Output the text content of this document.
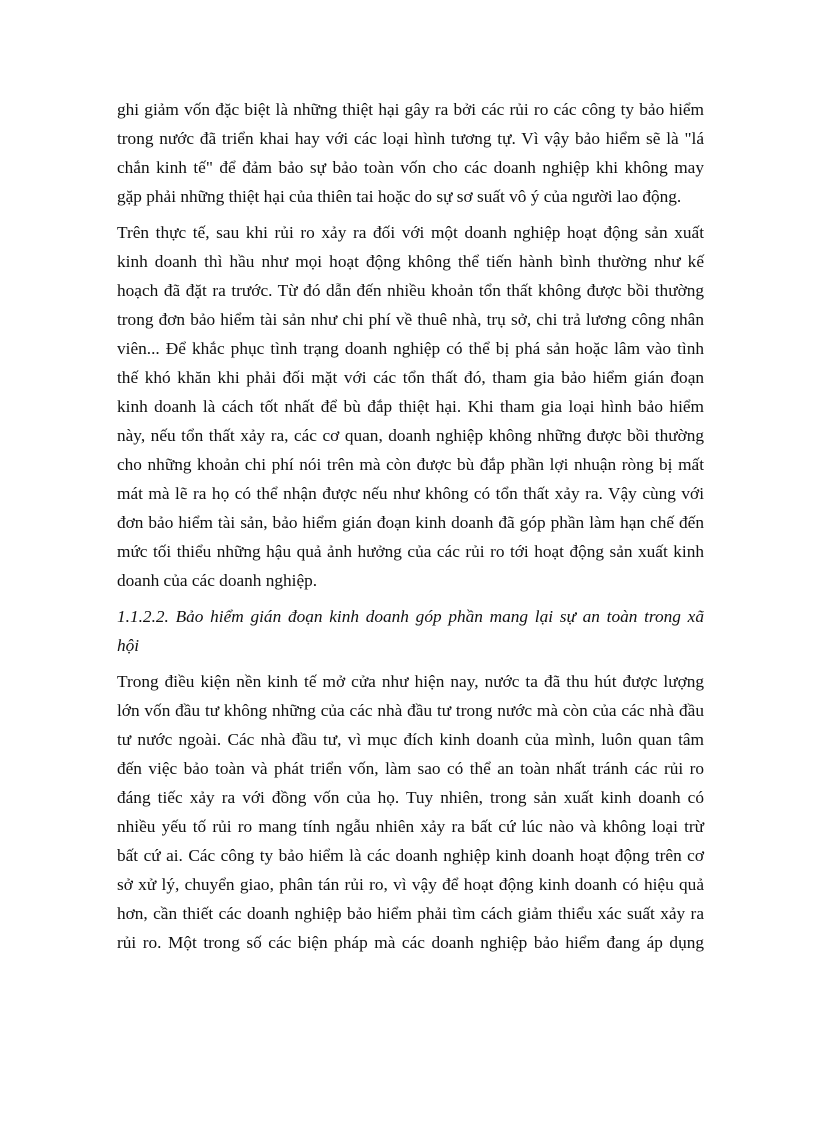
ghi giảm vốn đặc biệt là những thiệt hại gây ra bởi các rủi ro các công ty bảo hiểm
trong nước đã triển khai hay với các loại hình tương tự. Vì vậy bảo hiểm sẽ là "lá
chắn kinh tế" để đảm bảo sự bảo toàn vốn cho các doanh nghiệp khi không may
gặp phải những thiệt hại của thiên tai hoặc do sự sơ suất vô ý của người lao động.
Trên thực tế, sau khi rủi ro xảy ra đối với một doanh nghiệp hoạt động sản xuất
kinh doanh thì hầu như mọi hoạt động không thể tiến hành bình thường như kế
hoạch đã đặt ra trước. Từ đó dẫn đến nhiều khoản tổn thất không được bồi thường
trong đơn bảo hiểm tài sản như chi phí về thuê nhà, trụ sở, chi trả lương công nhân
viên... Để khắc phục tình trạng doanh nghiệp có thể bị phá sản hoặc lâm vào tình
thế khó khăn khi phải đối mặt với các tổn thất đó, tham gia bảo hiểm gián đoạn
kinh doanh là cách tốt nhất để bù đắp thiệt hại. Khi tham gia loại hình bảo hiểm
này, nếu tổn thất xảy ra, các cơ quan, doanh nghiệp không những được bồi thường
cho những khoản chi phí nói trên mà còn được bù đắp phần lợi nhuận ròng bị mất
mát mà lẽ ra họ có thể nhận được nếu như không có tổn thất xảy ra. Vậy cùng với
đơn bảo hiểm tài sản, bảo hiểm gián đoạn kinh doanh đã góp phần làm hạn chế đến
mức tối thiểu những hậu quả ảnh hưởng của các rủi ro tới hoạt động sản xuất kinh
doanh của các doanh nghiệp.
1.1.2.2. Bảo hiểm gián đoạn kinh doanh góp phần mang lại sự an toàn trong xã
hội
Trong điều kiện nền kinh tế mở cửa như hiện nay, nước ta đã thu hút được lượng
lớn vốn đầu tư không những của các nhà đầu tư trong nước mà còn của các nhà đầu
tư nước ngoài. Các nhà đầu tư, vì mục đích kinh doanh của mình, luôn quan tâm
đến việc bảo toàn và phát triển vốn, làm sao có thể an toàn nhất tránh các rủi ro
đáng tiếc xảy ra với đồng vốn của họ. Tuy nhiên, trong sản xuất kinh doanh có
nhiều yếu tố rủi ro mang tính ngẫu nhiên xảy ra bất cứ lúc nào và không loại trừ
bất cứ ai. Các công ty bảo hiểm là các doanh nghiệp kinh doanh hoạt động trên cơ
sở xử lý, chuyển giao, phân tán rủi ro, vì vậy để hoạt động kinh doanh có hiệu quả
hơn, cần thiết các doanh nghiệp bảo hiểm phải tìm cách giảm thiểu xác suất xảy ra
rủi ro. Một trong số các biện pháp mà các doanh nghiệp bảo hiểm đang áp dụng
